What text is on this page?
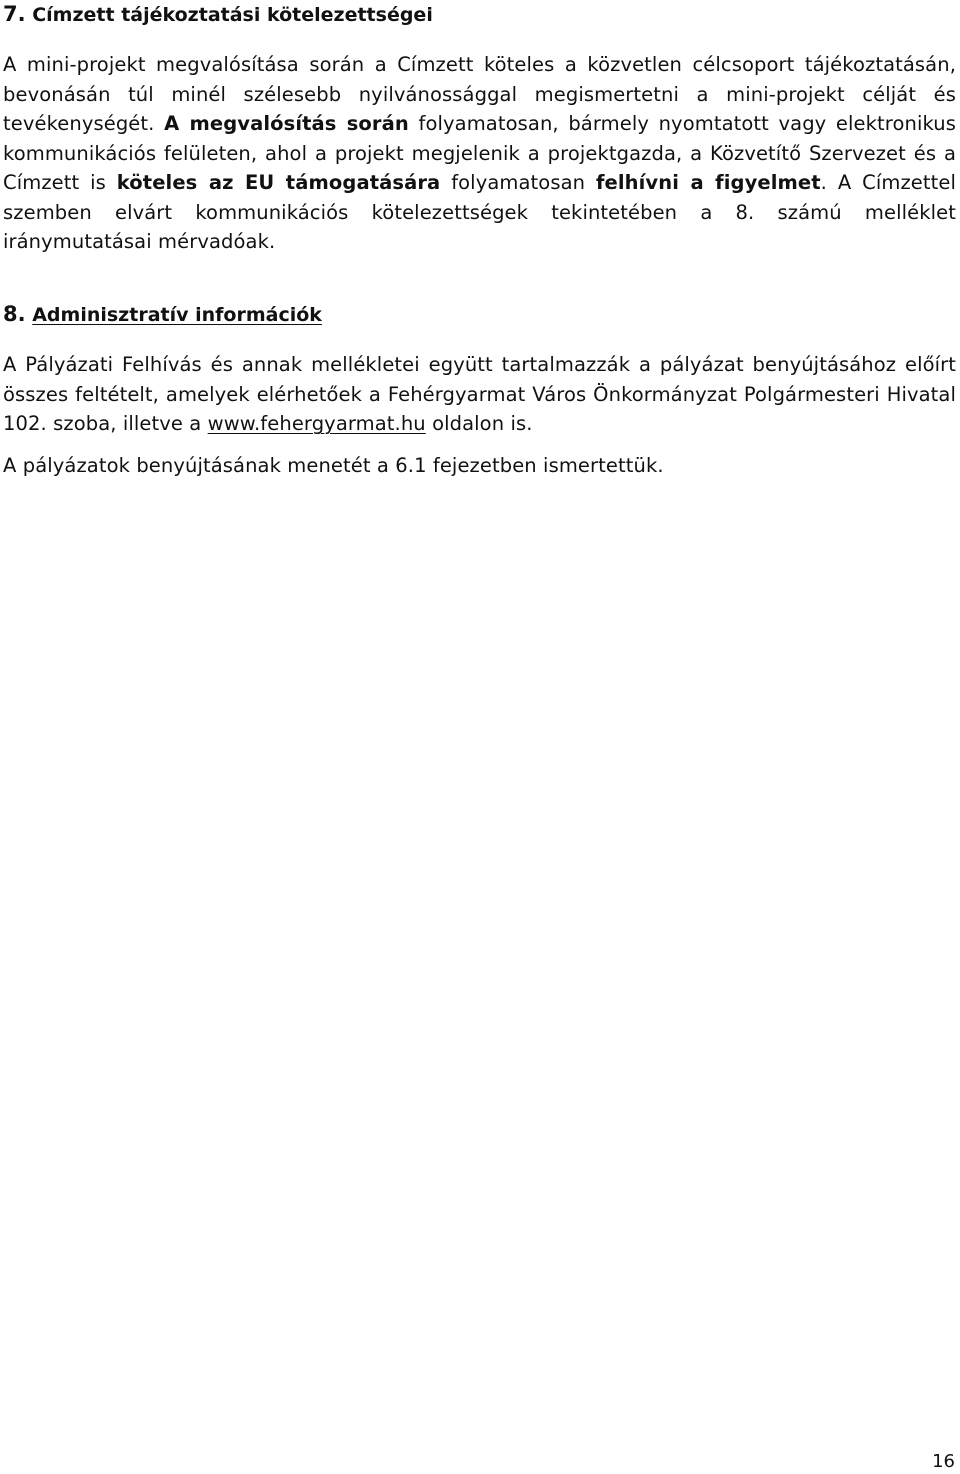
7. Címzett tájékoztatási kötelezettségei

A mini-projekt megvalósítása során a Címzett köteles a közvetlen célcsoport tájékoztatásán, bevonásán túl minél szélesebb nyilvánossággal megismertetni a mini-projekt célját és tevékenységét. A megvalósítás során folyamatosan, bármely nyomtatott vagy elektronikus kommunikációs felületen, ahol a projekt megjelenik a projektgazda, a Közvetítő Szervezet és a Címzett is köteles az EU támogatására folyamatosan felhívni a figyelmet. A Címzettel szemben elvárt kommunikációs kötelezettségek tekintetében a 8. számú melléklet iránymutatásai mérvadóak.

8. Adminisztratív információk

A Pályázati Felhívás és annak mellékletei együtt tartalmazzák a pályázat benyújtásához előírt összes feltételt, amelyek elérhetőek a Fehérgyarmat Város Önkormányzat Polgármesteri Hivatal 102. szoba, illetve a www.fehergyarmat.hu oldalon is.

A pályázatok benyújtásának menetét a 6.1 fejezetben ismertettük.

16
